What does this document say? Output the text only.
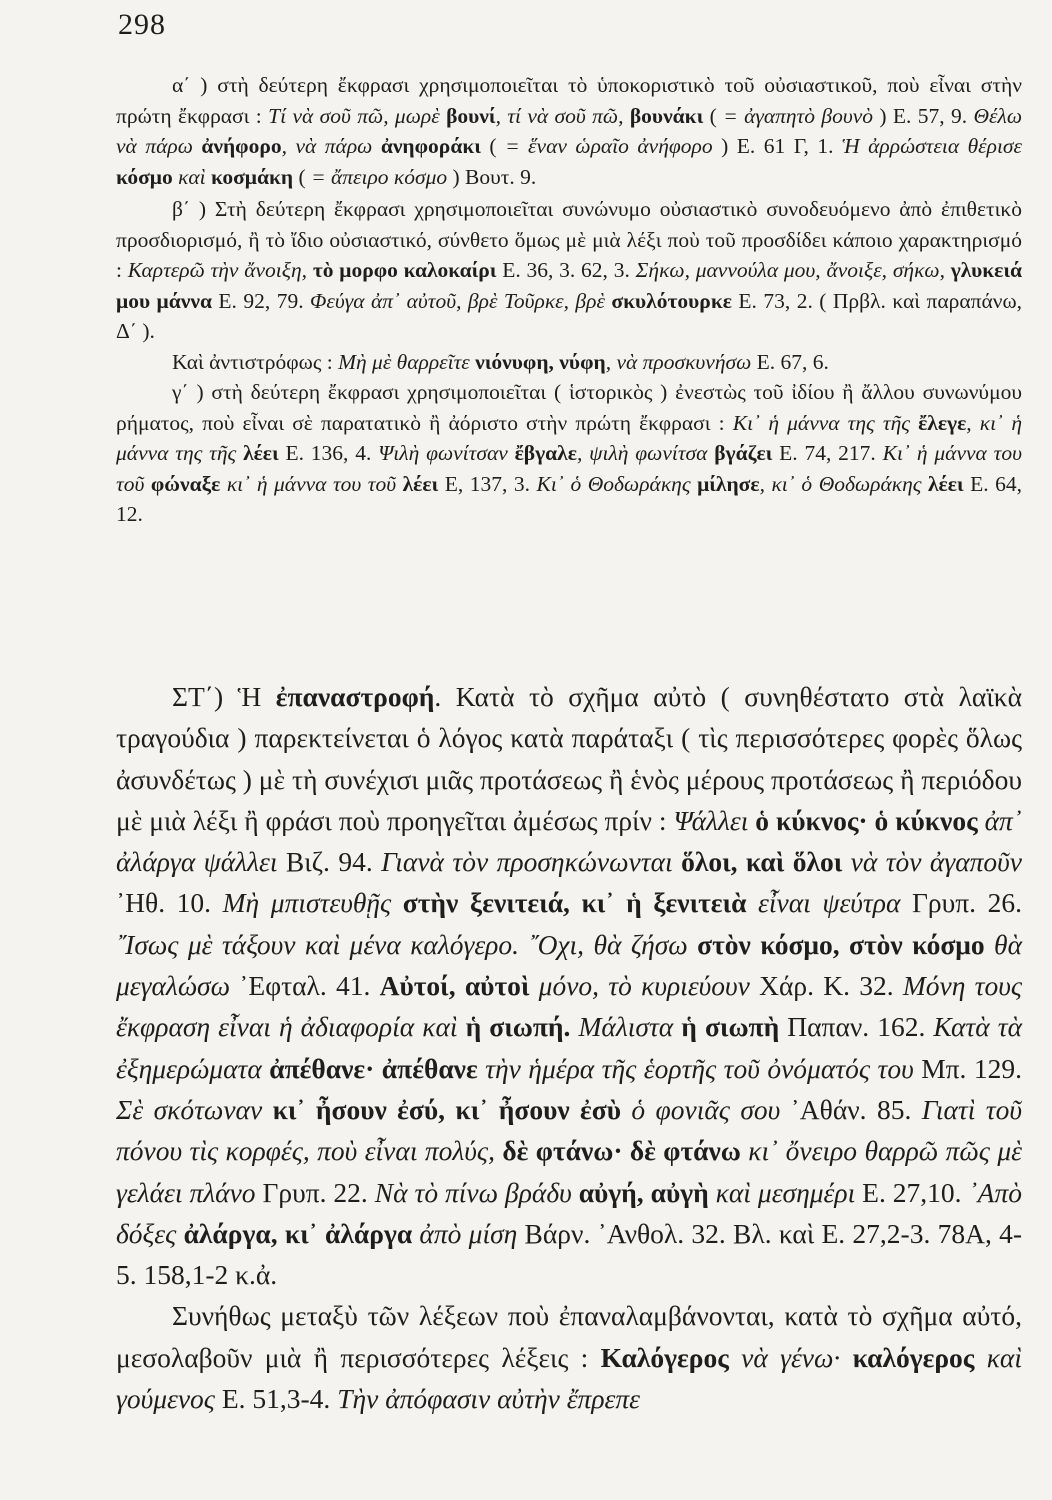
298

α΄ ) στὴ δεύτερη ἔκφρασι χρησιμοποιεῖται τὸ ὑποκοριστικὸ τοῦ οὐσιαστικοῦ, ποὺ εἶναι στὴν πρώτη ἔκφρασι : Τί νὰ σοῦ πῶ, μωρὲ βουνί, τί νὰ σοῦ πῶ, βουνάκι ( = ἀγαπητὸ βουνὸ ) Ε. 57, 9. Θέλω νὰ πάρω ἀνήφορο, νὰ πάρω ἀνηφοράκι ( = ἕναν ὡραῖο ἀνήφορο ) Ε. 61 Γ, 1. Ἡ ἀρρώστεια θέρισε κόσμο καὶ κοσμάκη ( = ἄπειρο κόσμο ) Βουτ. 9.

β΄ ) Στὴ δεύτερη ἔκφρασι χρησιμοποιεῖται συνώνυμο οὐσιαστικὸ συνοδευόμενο ἀπὸ ἐπιθετικὸ προσδιορισμό, ἢ τὸ ἴδιο οὐσιαστικό, σύνθετο ὅμως μὲ μιὰ λέξι ποὺ τοῦ προσδίδει κάποιο χαρακτηρισμό : Καρτερῶ τὴν ἄνοιξη, τὸ μορφο καλοκαίρι Ε. 36, 3. 62, 3. Σήκω, μαννούλα μου, ἄνοιξε, σήκω, γλυκειά μου μάννα Ε. 92, 79. Φεύγα ἀπ᾿ αὐτοῦ, βρὲ Τοῦρκε, βρὲ σκυλότουρκε Ε. 73, 2. ( Πρβλ. καὶ παραπάνω, Δ΄ ).

Καὶ ἀντιστρόφως : Μὴ μὲ θαρρεῖτε νιόνυφη, νύφη, νὰ προσκυνήσω Ε. 67, 6.

γ΄ ) στὴ δεύτερη ἔκφρασι χρησιμοποιεῖται ( ἱστορικὸς ) ἐνεστὼς τοῦ ἰδίου ἢ ἄλλου συνωνύμου ρήματος, ποὺ εἶναι σὲ παρατατικὸ ἢ ἀόριστο στὴν πρώτη ἔκφρασι : Κι᾿ ἡ μάννα της τῆς ἔλεγε, κι᾿ ἡ μάννα της τῆς λέει Ε. 136, 4. Ψιλὴ φωνίτσαν ἔβγαλε, ψιλὴ φωνίτσα βγάζει Ε. 74, 217. Κι᾿ ἡ μάννα του τοῦ φώναξε κι᾿ ἡ μάννα του τοῦ λέει Ε, 137, 3. Κι᾿ ὁ Θοδωράκης μίλησε, κι᾿ ὁ Θοδωράκης λέει Ε. 64, 12.

ΣΤ΄) Ἡ ἐπαναστροφή. Κατὰ τὸ σχῆμα αὐτὸ ( συνηθέστατο στὰ λαϊκὰ τραγούδια ) παρεκτείνεται ὁ λόγος κατὰ παράταξι ( τὶς περισσότερες φορὲς ὅλως ἀσυνδέτως ) μὲ τὴ συνέχισι μιᾶς προτάσεως ἢ ἑνὸς μέρους προτάσεως ἢ περιόδου μὲ μιὰ λέξι ἢ φράσι ποὺ προηγεῖται ἀμέσως πρίν : Ψάλλει ὁ κύκνος· ὁ κύκνος ἀπ᾿ ἀλάργα ψάλλει Βιζ. 94. Γιανὰ τὸν προσηκώνωνται ὅλοι, καὶ ὅλοι νὰ τὸν ἀγαποῦν ᾿Ηθ. 10. Μὴ μπιστευθῇς στὴν ξενιτειά, κι᾿ ἡ ξενιτειὰ εἶναι ψεύτρα Γρυπ. 26. ῎Ισως μὲ τάξουν καὶ μένα καλόγερο. ῎Οχι, θὰ ζήσω στὸν κόσμο, στὸν κόσμο θὰ μεγαλώσω ᾿Εφταλ. 41. Αὐτοί, αὐτοὶ μόνο, τὸ κυριεύουν Χάρ. Κ. 32. Μόνη τους ἔκφραση εἶναι ἡ ἀδιαφορία καὶ ἡ σιωπή. Μάλιστα ἡ σιωπὴ Παπαν. 162. Κατὰ τὰ ἐξημερώματα ἀπέθανε· ἀπέθανε τὴν ἡμέρα τῆς ἑορτῆς τοῦ ὀνόματός του Μπ. 129. Σὲ σκότωναν κι᾿ ἦσουν ἐσύ, κι᾿ ἦσουν ἐσὺ ὁ φονιᾶς σου ᾿Αθάν. 85. Γιατὶ τοῦ πόνου τὶς κορφές, ποὺ εἶναι πολύς, δὲ φτάνω· δὲ φτάνω κι᾿ ὄνειρο θαρρῶ πῶς μὲ γελάει πλάνο Γρυπ. 22. Νὰ τὸ πίνω βράδυ αὐγή, αὐγὴ καὶ μεσημέρι Ε. 27,10. ᾿Απὸ δόξες ἀλάργα, κι᾿ ἀλάργα ἀπὸ μίση Βάρν. ᾿Ανθολ. 32. Βλ. καὶ Ε. 27,2-3. 78Α, 4-5. 158,1-2 κ.ἀ.

Συνήθως μεταξὺ τῶν λέξεων ποὺ ἐπαναλαμβάνονται, κατὰ τὸ σχῆμα αὐτό, μεσολαβοῦν μιὰ ἢ περισσότερες λέξεις : Καλόγερος νὰ γένω· καλόγερος καὶ γούμενος Ε. 51,3-4. Τὴν ἀπόφασιν αὐτὴν ἔπρεπε
